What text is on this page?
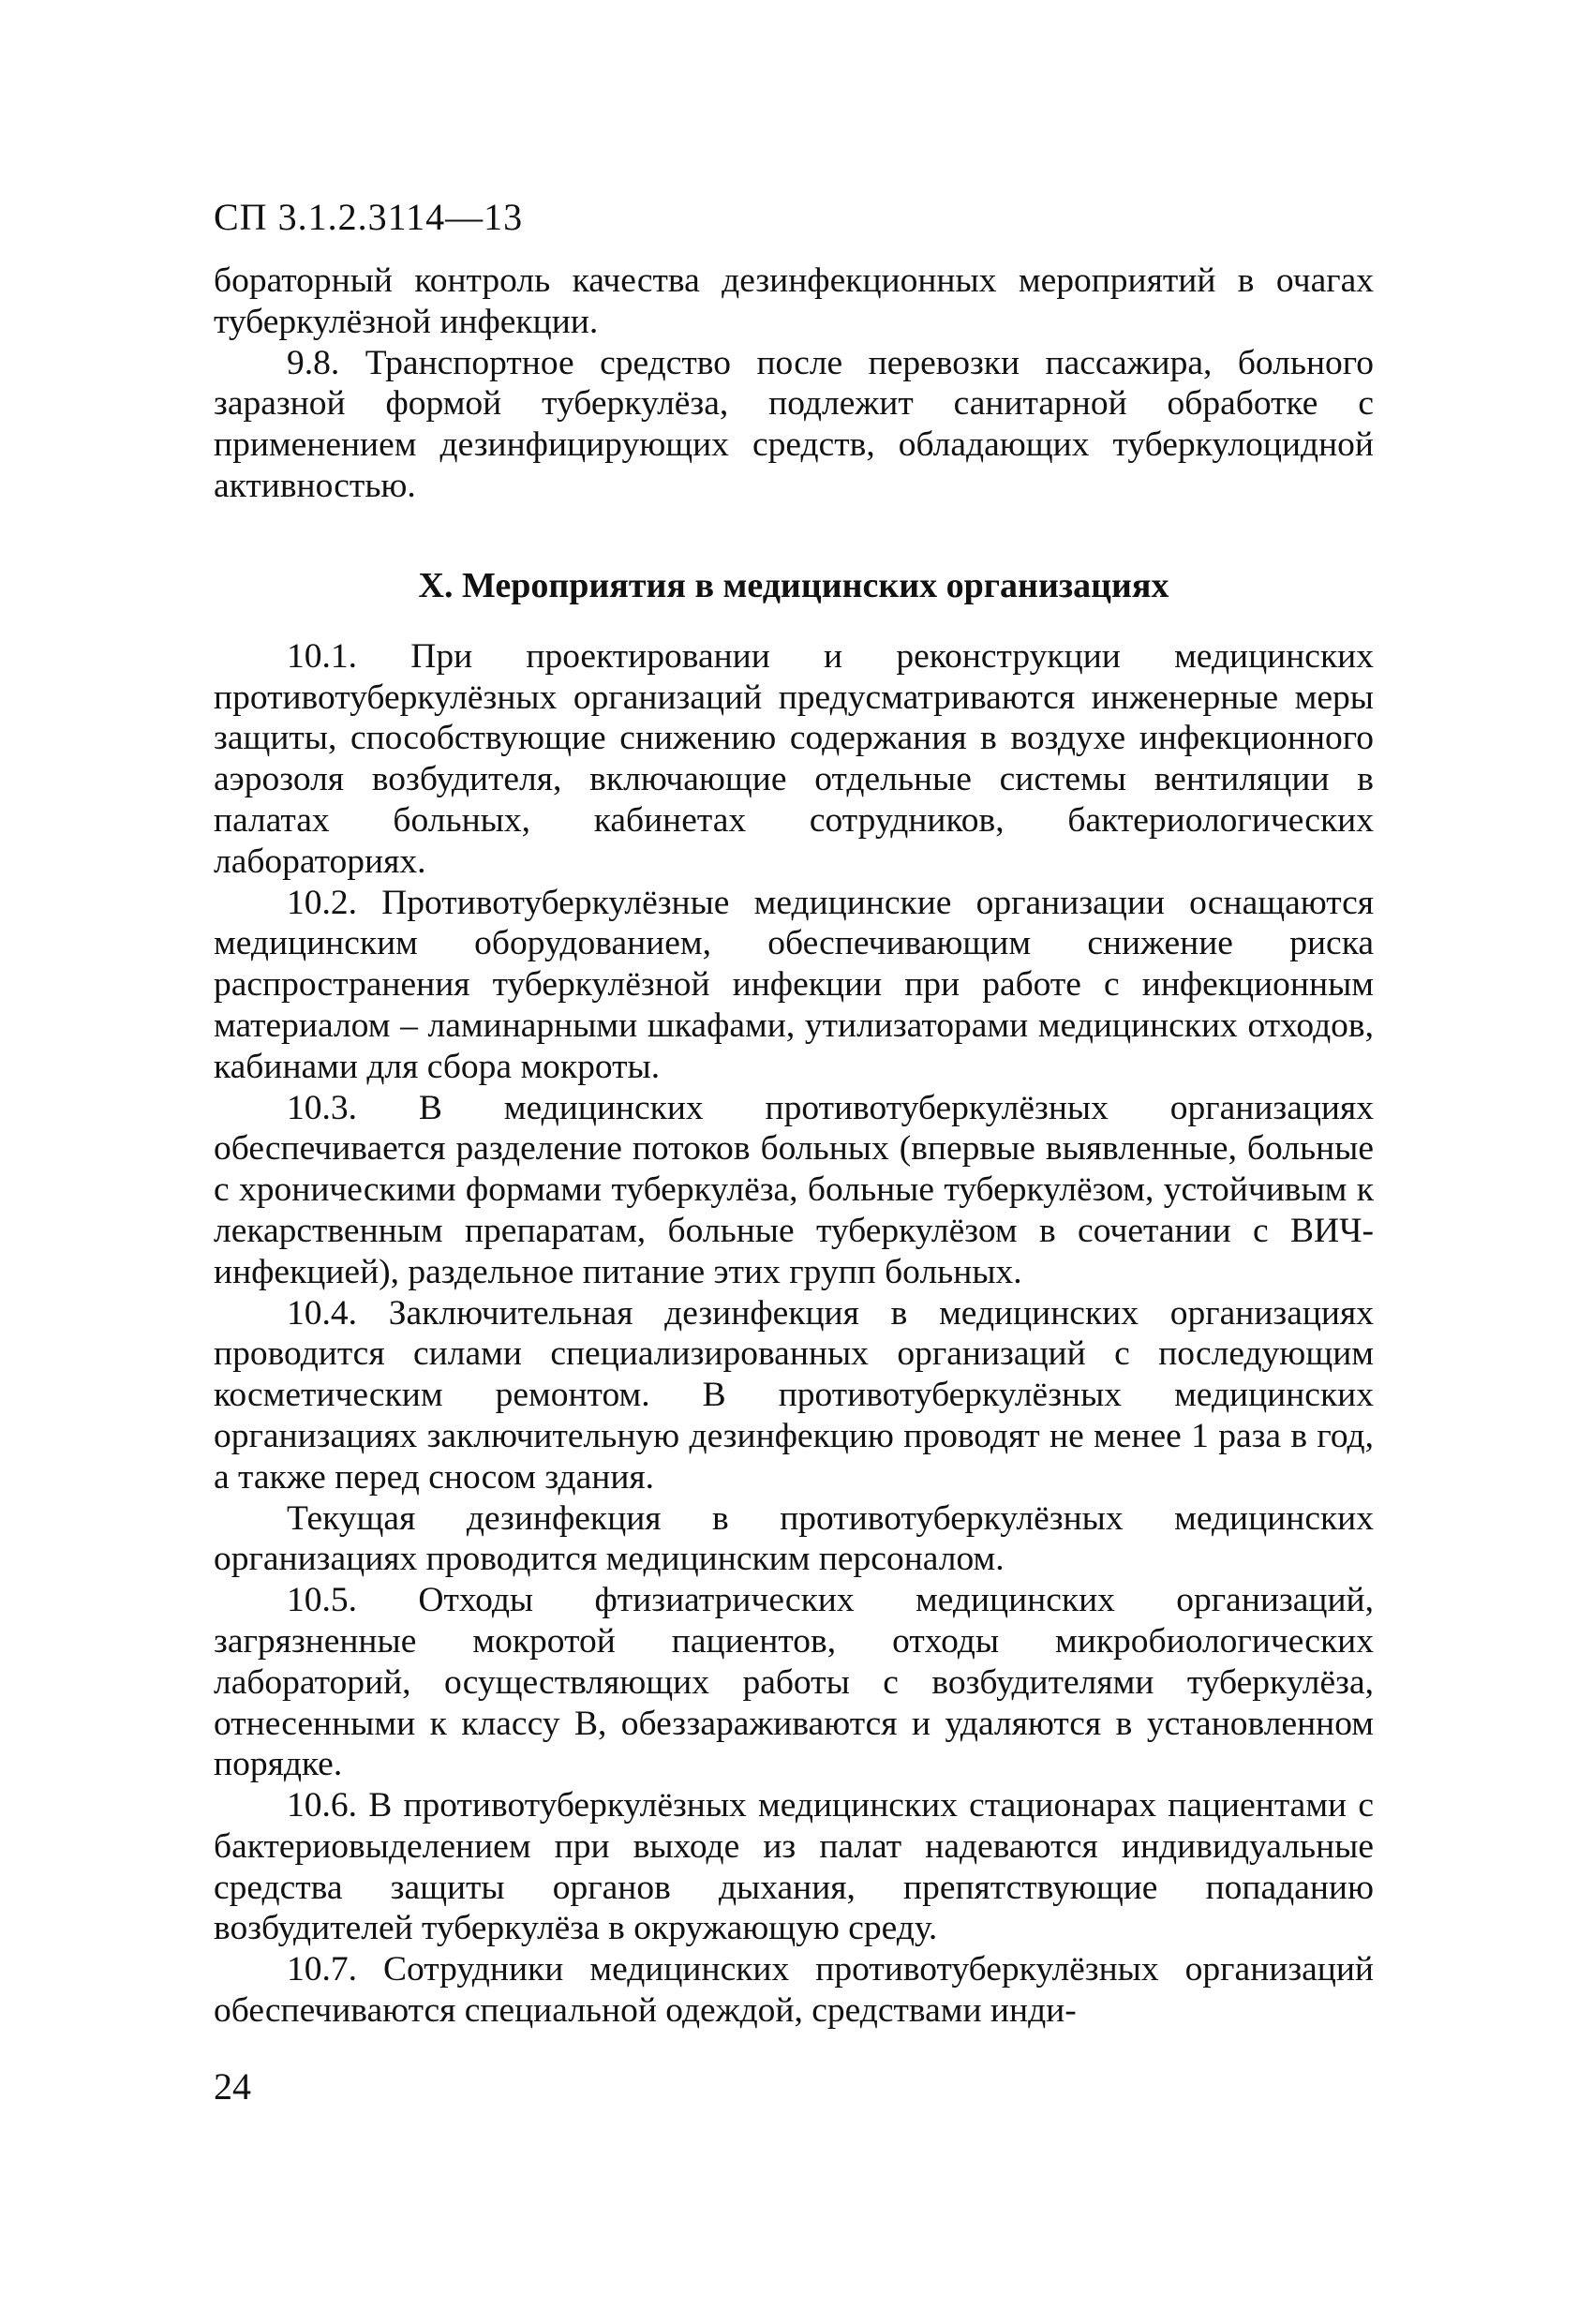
СП 3.1.2.3114—13

бораторный контроль качества дезинфекционных мероприятий в очагах туберкулёзной инфекции.

9.8. Транспортное средство после перевозки пассажира, больного заразной формой туберкулёза, подлежит санитарной обработке с применением дезинфицирующих средств, обладающих туберкулоцидной активностью.

X. Мероприятия в медицинских организациях

10.1. При проектировании и реконструкции медицинских противотуберкулёзных организаций предусматриваются инженерные меры защиты, способствующие снижению содержания в воздухе инфекционного аэрозоля возбудителя, включающие отдельные системы вентиляции в палатах больных, кабинетах сотрудников, бактериологических лабораториях.

10.2. Противотуберкулёзные медицинские организации оснащаются медицинским оборудованием, обеспечивающим снижение риска распространения туберкулёзной инфекции при работе с инфекционным материалом – ламинарными шкафами, утилизаторами медицинских отходов, кабинами для сбора мокроты.

10.3. В медицинских противотуберкулёзных организациях обеспечивается разделение потоков больных (впервые выявленные, больные с хроническими формами туберкулёза, больные туберкулёзом, устойчивым к лекарственным препаратам, больные туберкулёзом в сочетании с ВИЧ-инфекцией), раздельное питание этих групп больных.

10.4. Заключительная дезинфекция в медицинских организациях проводится силами специализированных организаций с последующим косметическим ремонтом. В противотуберкулёзных медицинских организациях заключительную дезинфекцию проводят не менее 1 раза в год, а также перед сносом здания.

Текущая дезинфекция в противотуберкулёзных медицинских организациях проводится медицинским персоналом.

10.5. Отходы фтизиатрических медицинских организаций, загрязненные мокротой пациентов, отходы микробиологических лабораторий, осуществляющих работы с возбудителями туберкулёза, отнесенными к классу В, обеззараживаются и удаляются в установленном порядке.

10.6. В противотуберкулёзных медицинских стационарах пациентами с бактериовыделением при выходе из палат надеваются индивидуальные средства защиты органов дыхания, препятствующие попаданию возбудителей туберкулёза в окружающую среду.

10.7. Сотрудники медицинских противотуберкулёзных организаций обеспечиваются специальной одеждой, средствами инди-

24
